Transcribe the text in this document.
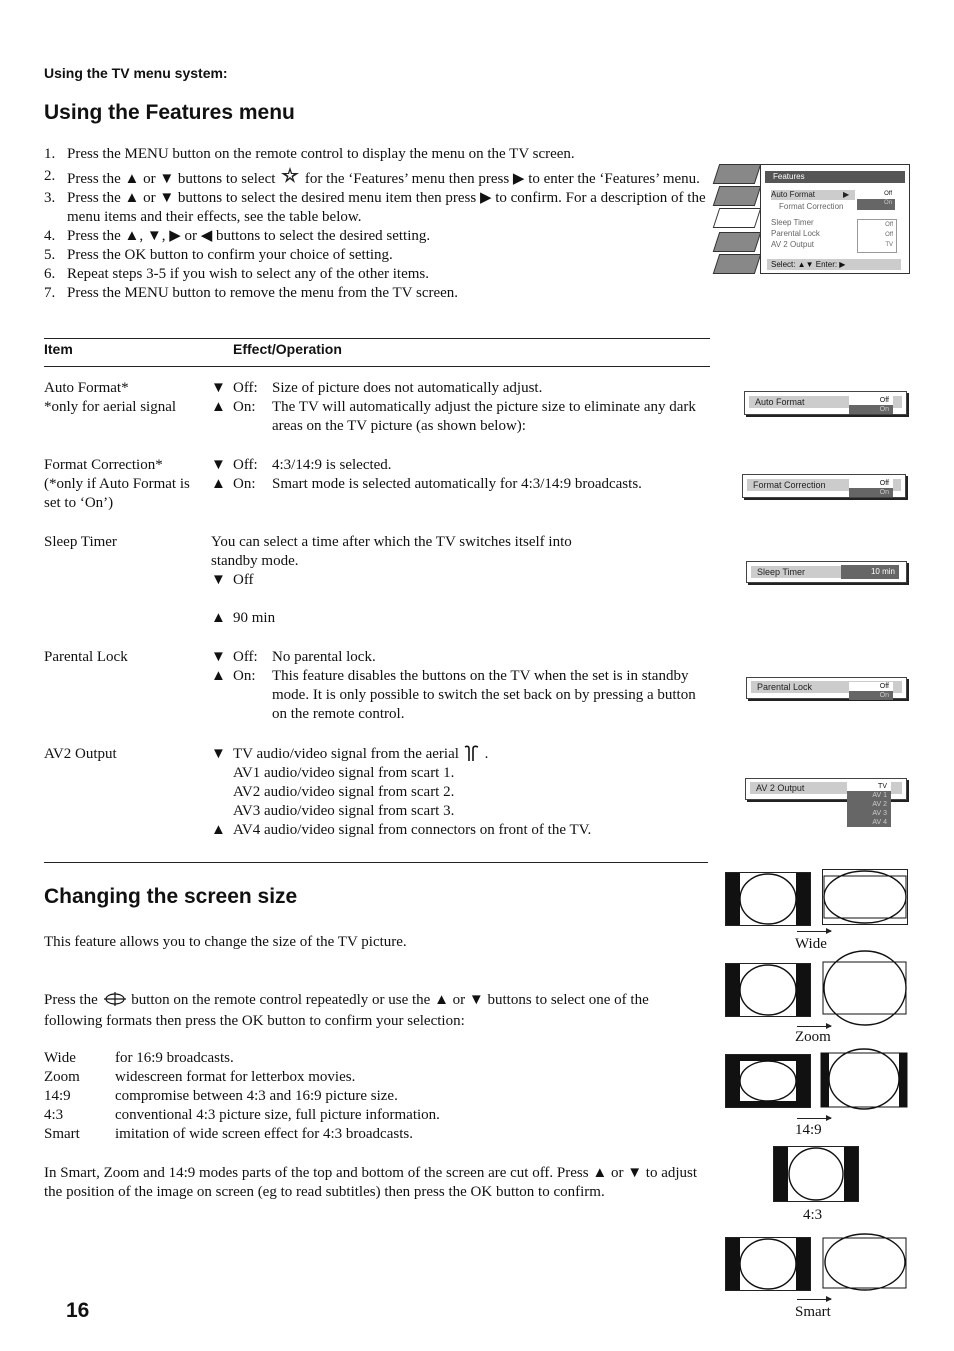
Using the TV menu system:
Using the Features menu
1. Press the MENU button on the remote control to display the menu on the TV screen.
2. Press the ▲ or ▼ buttons to select for the ‘Features’ menu then press ▶ to enter the ‘Features’ menu.
3. Press the ▲ or ▼ buttons to select the desired menu item then press ▶ to confirm. For a description of the menu items and their effects, see the table below.
4. Press the ▲, ▼, ▶ or ◀ buttons to select the desired setting.
5. Press the OK button to confirm your choice of setting.
6. Repeat steps 3-5 if you wish to select any of the other items.
7. Press the MENU button to remove the menu from the TV screen.
Features
Auto Format	▶	Off
On
Format Correction
Sleep Timer
Parental Lock
AV 2 Output
Off
Off
TV
Select: ▲▼ Enter: ▶
Item	Effect/Operation
Auto Format*
*only for aerial signal
▼ Off: Size of picture does not automatically adjust.
▲ On: The TV will automatically adjust the picture size to eliminate any dark areas on the TV picture (as shown below):
Format Correction*
(*only if Auto Format is
set to ‘On’)
▼ Off: 4:3/14:9 is selected.
▲ On: Smart mode is selected automatically for 4:3/14:9 broadcasts.
Sleep Timer	You can select a time after which the TV switches itself into
standby mode.
▼ Off
▲ 90 min
Parental Lock	▼ Off: No parental lock.
▲ On: This feature disables the buttons on the TV when the set is in standby mode. It is only possible to switch the set back on by pressing a button on the remote control.
AV2 Output	▼ TV audio/video signal from the aerial .
AV1 audio/video signal from scart 1.
AV2 audio/video signal from scart 2.
AV3 audio/video signal from scart 3.
▲ AV4 audio/video signal from connectors on front of the TV.
Auto Format	Off
On
Format Correction	Off
On
Sleep Timer	10 min
Parental Lock	Off
On
AV 2 Output	TV
AV 1
AV 2
AV 3
AV 4
Changing the screen size
This feature allows you to change the size of the TV picture.
Press the button on the remote control repeatedly or use the ▲ or ▼ buttons to select one of the following formats then press the OK button to confirm your selection:
Wide	for 16:9 broadcasts.
Zoom widescreen format for letterbox movies.
14:9	compromise between 4:3 and 16:9 picture size.
4:3	conventional 4:3 picture size, full picture information.
Smart imitation of wide screen effect for 4:3 broadcasts.
In Smart, Zoom and 14:9 modes parts of the top and bottom of the screen are cut off. Press ▲ or ▼ to adjust the position of the image on screen (eg to read subtitles) then press the OK button to confirm.
Wide
Zoom
14:9
4:3
Smart
16
